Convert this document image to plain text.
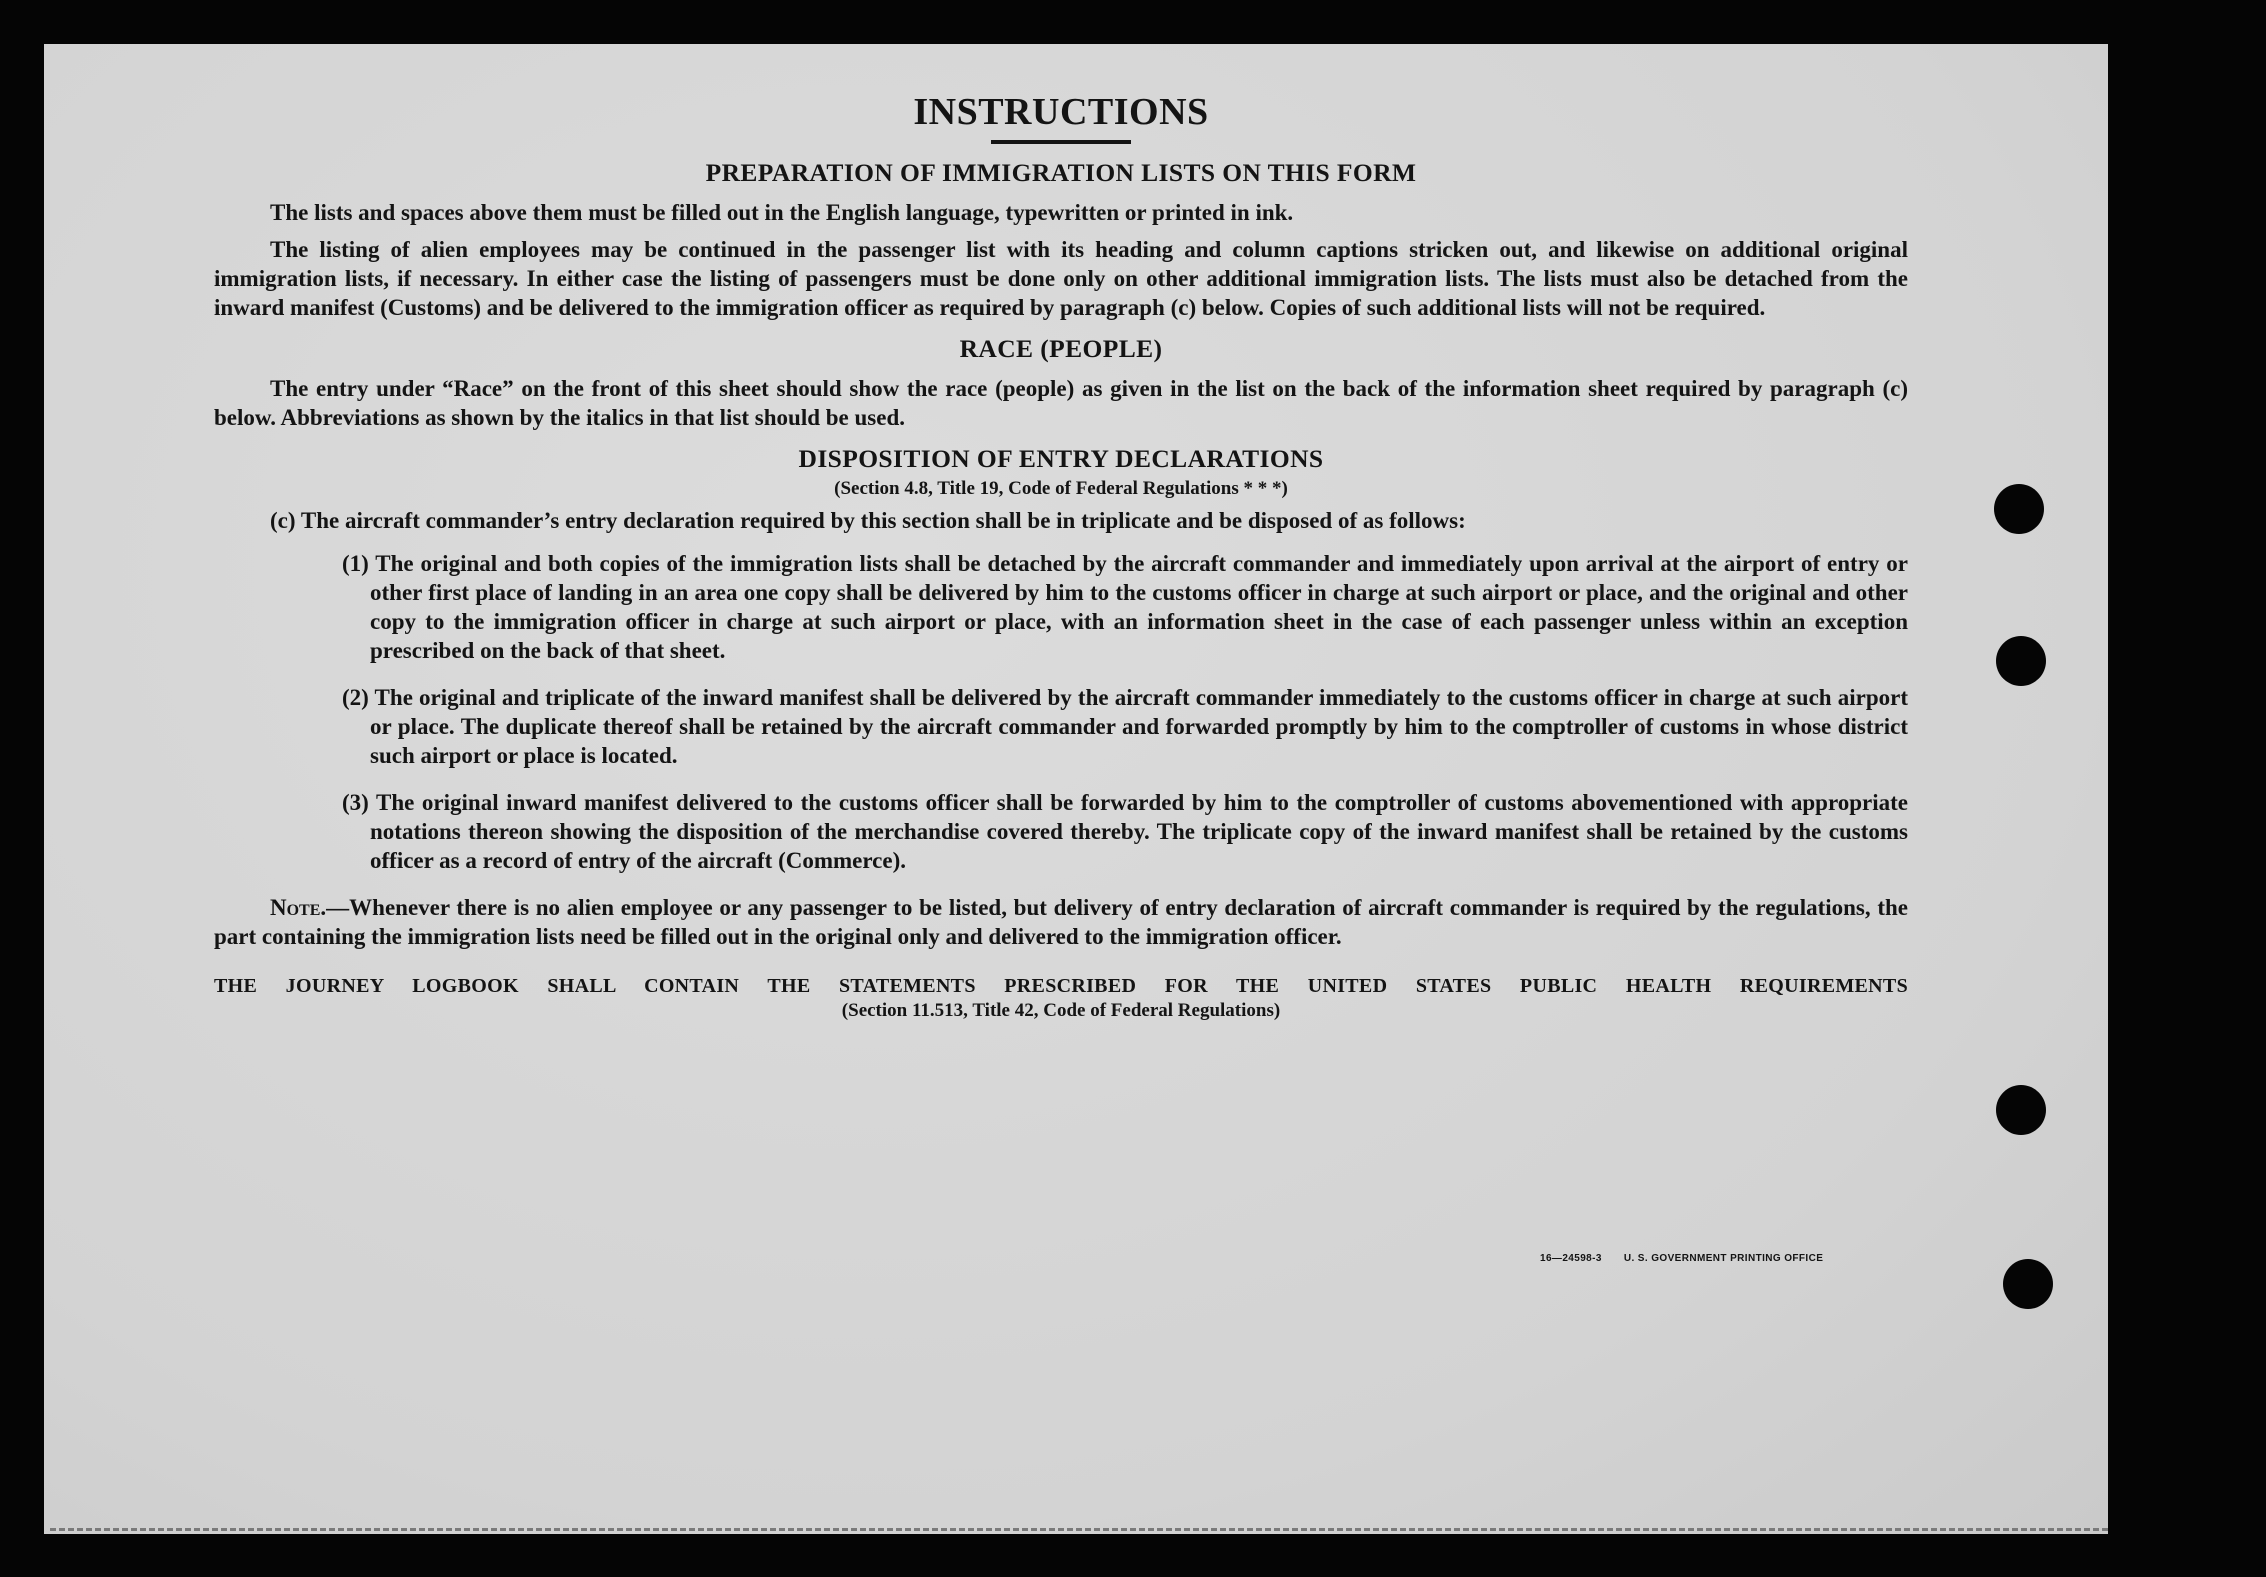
INSTRUCTIONS
PREPARATION OF IMMIGRATION LISTS ON THIS FORM

The lists and spaces above them must be filled out in the English language, typewritten or printed in ink.

The listing of alien employees may be continued in the passenger list with its heading and column captions stricken out, and likewise on additional original immigration lists, if necessary. In either case the listing of passengers must be done only on other additional immigration lists. The lists must also be detached from the inward manifest (Customs) and be delivered to the immigration officer as required by paragraph (c) below. Copies of such additional lists will not be required.

RACE (PEOPLE)

The entry under “Race” on the front of this sheet should show the race (people) as given in the list on the back of the information sheet required by paragraph (c) below. Abbreviations as shown by the italics in that list should be used.

DISPOSITION OF ENTRY DECLARATIONS
(Section 4.8, Title 19, Code of Federal Regulations * * *)

(c) The aircraft commander’s entry declaration required by this section shall be in triplicate and be disposed of as follows:

(1) The original and both copies of the immigration lists shall be detached by the aircraft commander and immediately upon arrival at the airport of entry or other first place of landing in an area one copy shall be delivered by him to the customs officer in charge at such airport or place, and the original and other copy to the immigration officer in charge at such airport or place, with an information sheet in the case of each passenger unless within an exception prescribed on the back of that sheet.

(2) The original and triplicate of the inward manifest shall be delivered by the aircraft commander immediately to the customs officer in charge at such airport or place. The duplicate thereof shall be retained by the aircraft commander and forwarded promptly by him to the comptroller of customs in whose district such airport or place is located.

(3) The original inward manifest delivered to the customs officer shall be forwarded by him to the comptroller of customs abovementioned with appropriate notations thereon showing the disposition of the merchandise covered thereby. The triplicate copy of the inward manifest shall be retained by the customs officer as a record of entry of the aircraft (Commerce).

Note.—Whenever there is no alien employee or any passenger to be listed, but delivery of entry declaration of aircraft commander is required by the regulations, the part containing the immigration lists need be filled out in the original only and delivered to the immigration officer.

THE JOURNEY LOGBOOK SHALL CONTAIN THE STATEMENTS PRESCRIBED FOR THE UNITED STATES PUBLIC HEALTH REQUIREMENTS
(Section 11.513, Title 42, Code of Federal Regulations)
16—24598-3 U. S. GOVERNMENT PRINTING OFFICE
